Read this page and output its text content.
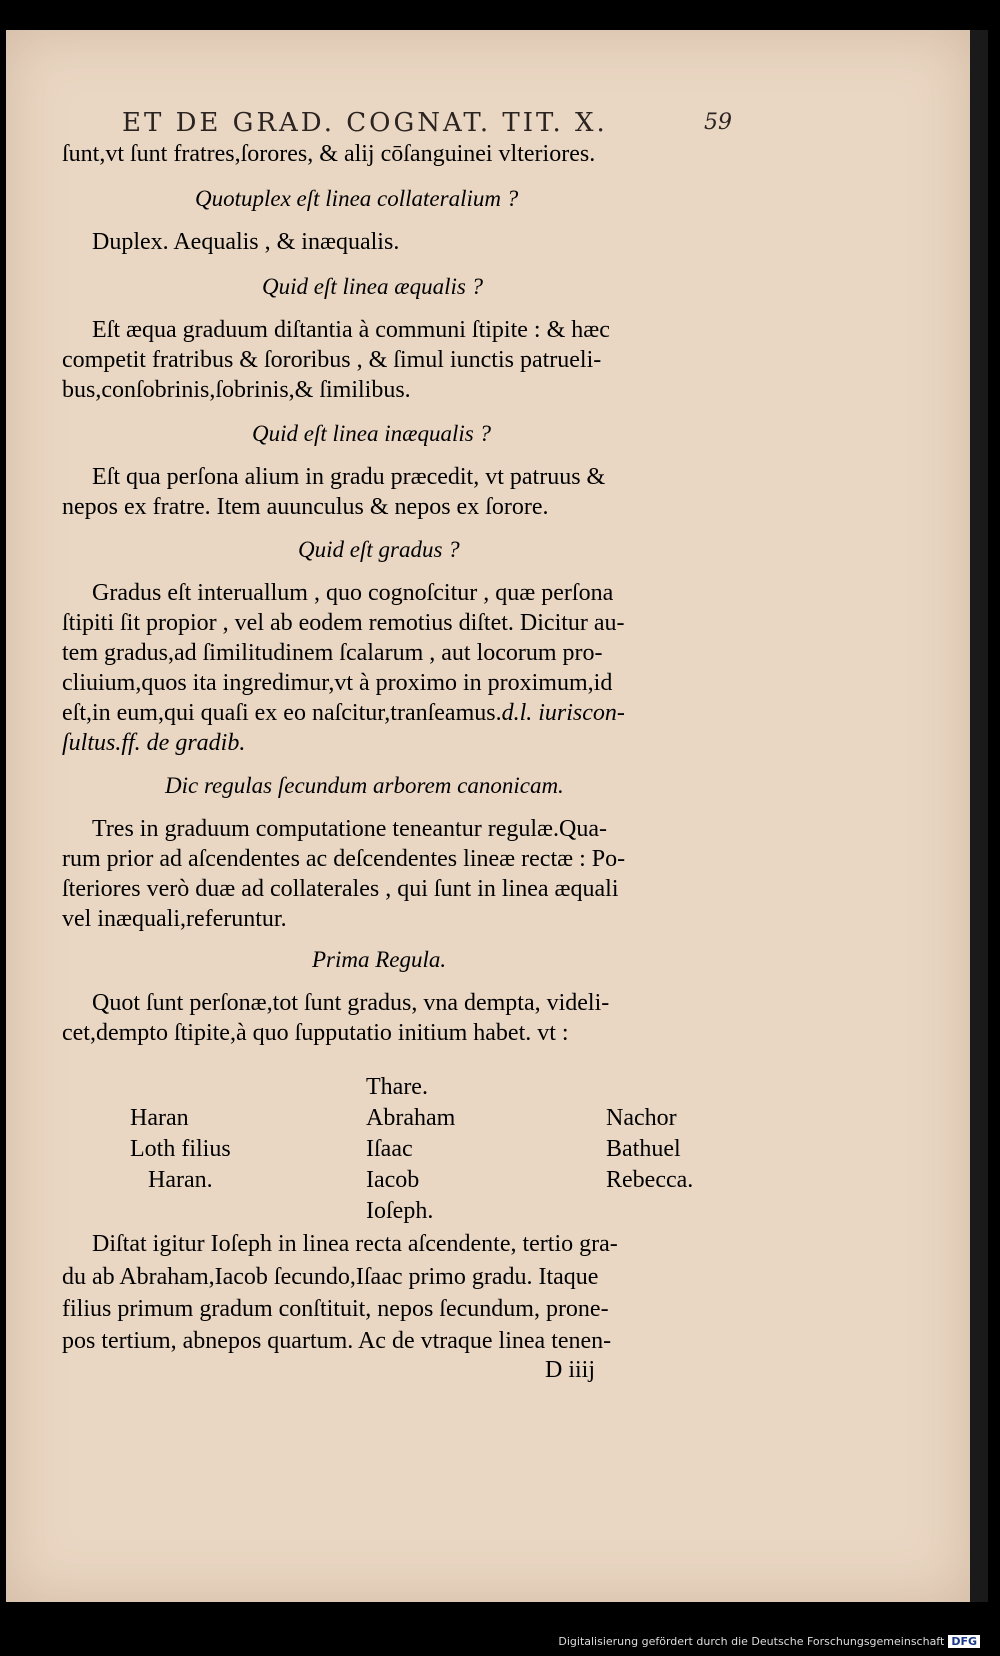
ET DE GRAD. COGNAT. TIT. X.	59
ſunt,vt ſunt fratres,ſorores, & alij cōſanguinei vlteriores.
Quotuplex eſt linea collateralium ?
Duplex. Aequalis , & inæqualis.
Quid eſt linea æqualis ?
Eſt æqua graduum diſtantia à communi ſtipite : & hæc
competit fratribus & ſororibus , & ſimul iunctis patrueli-
bus,conſobrinis,ſobrinis,& ſimilibus.
Quid eſt linea inæqualis ?
Eſt qua perſona alium in gradu præcedit, vt patruus &
nepos ex fratre. Item auunculus & nepos ex ſorore.
Quid eſt gradus ?
Gradus eſt interuallum , quo cognoſcitur , quæ perſona
ſtipiti ſit propior , vel ab eodem remotius diſtet. Dicitur au-
tem gradus,ad ſimilitudinem ſcalarum , aut locorum pro-
cliuium,quos ita ingredimur,vt à proximo in proximum,id
eſt,in eum,qui quaſi ex eo naſcitur,tranſeamus.d.l. iuriscon-
ſultus.ff. de gradib.
Dic regulas ſecundum arborem canonicam.
Tres in graduum computatione teneantur regulæ.Qua-
rum prior ad aſcendentes ac deſcendentes lineæ rectæ : Po-
ſteriores verò duæ ad collaterales , qui ſunt in linea æquali
vel inæquali,referuntur.
Prima Regula.
Quot ſunt perſonæ,tot ſunt gradus, vna dempta, videli-
cet,dempto ſtipite,à quo ſupputatio initium habet. vt :
Haran
Loth filius
Haran.
Thare.
Abraham
Iſaac
Iacob
Ioſeph.
Nachor
Bathuel
Rebecca.
Diſtat igitur Ioſeph in linea recta aſcendente, tertio gra-
du ab Abraham,Iacob ſecundo,Iſaac primo gradu. Itaque
filius primum gradum conſtituit, nepos ſecundum, prone-
pos tertium, abnepos quartum. Ac de vtraque linea tenen-
D iiij
Digitalisierung gefördert durch die Deutsche Forschungsgemeinschaft DFG
